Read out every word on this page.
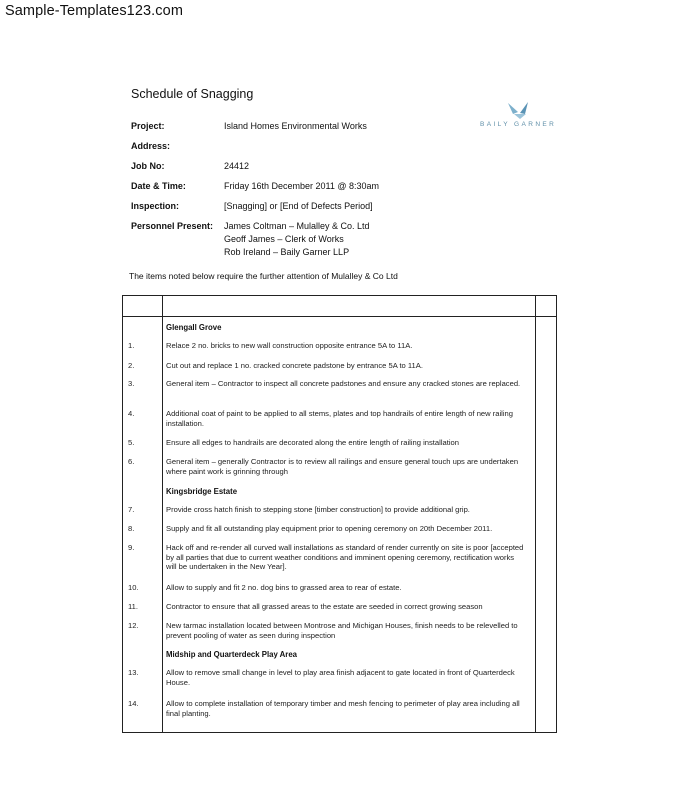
Sample-Templates123.com
Schedule of Snagging
BAILY GARNER
Project:	Island Homes Environmental Works
Address:
Job No:	24412
Date & Time:	Friday 16th December 2011 @ 8:30am
Inspection:	[Snagging] or [End of Defects Period]
Personnel Present:	James Coltman – Mulalley & Co. Ltd
Geoff James – Clerk of Works
Rob Ireland – Baily Garner LLP
The items noted below require the further attention of Mulalley & Co Ltd
Glengall Grove
1.	Relace 2 no. bricks to new wall construction opposite entrance 5A to 11A.
2.	Cut out and replace 1 no. cracked concrete padstone by entrance 5A to 11A.
3.	General item – Contractor to inspect all concrete padstones and ensure any cracked stones are replaced.
4.	Additional coat of paint to be applied to all stems, plates and top handrails of entire length of new railing installation.
5.	Ensure all edges to handrails are decorated along the entire length of railing installation
6.	General item – generally Contractor is to review all railings and ensure general touch ups are undertaken where paint work is grinning through
Kingsbridge Estate
7.	Provide cross hatch finish to stepping stone [timber construction] to provide additional grip.
8.	Supply and fit all outstanding play equipment prior to opening ceremony on 20th December 2011.
9.	Hack off and re-render all curved wall installations as standard of render currently on site is poor [accepted by all parties that due to current weather conditions and imminent opening ceremony, rectification works will be undertaken in the New Year].
10.	Allow to supply and fit 2 no. dog bins to grassed area to rear of estate.
11.	Contractor to ensure that all grassed areas to the estate are seeded in correct growing season
12.	New tarmac installation located between Montrose and Michigan Houses, finish needs to be relevelled to prevent pooling of water as seen during inspection
Midship and Quarterdeck Play Area
13.	Allow to remove small change in level to play area finish adjacent to gate located in front of Quarterdeck House.
14.	Allow to complete installation of temporary timber and mesh fencing to perimeter of play area including all final planting.
